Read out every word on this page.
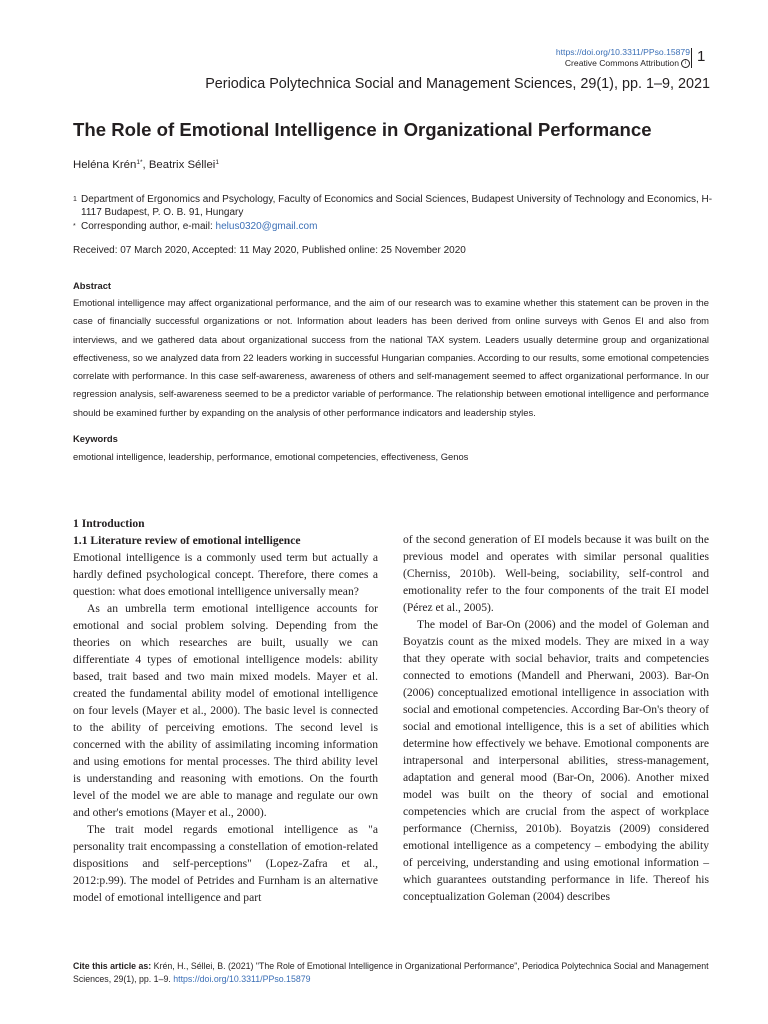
https://doi.org/10.3311/PPso.15879
Creative Commons Attribution	i 1
Periodica Polytechnica Social and Management Sciences, 29(1), pp. 1–9, 2021
The Role of Emotional Intelligence in Organizational Performance
Heléna Krén$^{1*}$, Beatrix Séllei$^1$
1 Department of Ergonomics and Psychology, Faculty of Economics and Social Sciences, Budapest University of Technology and Economics, H-1117 Budapest, P. O. B. 91, Hungary
* Corresponding author, e-mail: helus0320@gmail.com
Received: 07 March 2020, Accepted: 11 May 2020, Published online: 25 November 2020
Abstract
Emotional intelligence may affect organizational performance, and the aim of our research was to examine whether this statement can be proven in the case of financially successful organizations or not. Information about leaders has been derived from online surveys with Genos EI and also from interviews, and we gathered data about organizational success from the national TAX system. Leaders usually determine group and organizational effectiveness, so we analyzed data from 22 leaders working in successful Hungarian companies. According to our results, some emotional competencies correlate with performance. In this case self-awareness, awareness of others and self-management seemed to affect organizational performance. In our regression analysis, self-awareness seemed to be a predictor variable of performance. The relationship between emotional intelligence and performance should be examined further by expanding on the analysis of other performance indicators and leadership styles.
Keywords
emotional intelligence, leadership, performance, emotional competencies, effectiveness, Genos

1 Introduction

1.1 Literature review of emotional intelligence

Emotional intelligence is a commonly used term but actually a hardly defined psychological concept. Therefore, there comes a question: what does emotional intelligence universally mean?

As an umbrella term emotional intelligence accounts for emotional and social problem solving. Depending from the theories on which researches are built, usually we can differentiate 4 types of emotional intelligence models: ability based, trait based and two main mixed models. Mayer et al. created the fundamental ability model of emotional intelligence on four levels (Mayer et al., 2000). The basic level is connected to the ability of perceiving emotions. The second level is concerned with the ability of assimilating incoming information and using emotions for mental processes. The third ability level is understanding and reasoning with emotions. On the fourth level of the model we are able to manage and regulate our own and other's emotions (Mayer et al., 2000).

The trait model regards emotional intelligence as "a personality trait encompassing a constellation of emotion-related dispositions and self-perceptions" (Lopez-Zafra et al., 2012:p.99). The model of Petrides and Furnham is an alternative model of emotional intelligence and part

of the second generation of EI models because it was built on the previous model and operates with similar personal qualities (Cherniss, 2010b). Well-being, sociability, self-control and emotionality refer to the four components of the trait EI model (Pérez et al., 2005).

The model of Bar-On (2006) and the model of Goleman and Boyatzis count as the mixed models. They are mixed in a way that they operate with social behavior, traits and competencies connected to emotions (Mandell and Pherwani, 2003). Bar-On (2006) conceptualized emotional intelligence in association with social and emotional competencies. According Bar-On's theory of social and emotional intelligence, this is a set of abilities which determine how effectively we behave. Emotional components are intrapersonal and interpersonal abilities, stress-management, adaptation and general mood (Bar-On, 2006). Another mixed model was built on the theory of social and emotional competencies which are crucial from the aspect of workplace performance (Cherniss, 2010b). Boyatzis (2009) considered emotional intelligence as a competency – embodying the ability of perceiving, understanding and using emotional information – which guarantees outstanding performance in life. Thereof his conceptualization Goleman (2004) describes

Cite this article as: Krén, H., Séllei, B. (2021) "The Role of Emotional Intelligence in Organizational Performance", Periodica Polytechnica Social and Management Sciences, 29(1), pp. 1–9. https://doi.org/10.3311/PPso.15879
